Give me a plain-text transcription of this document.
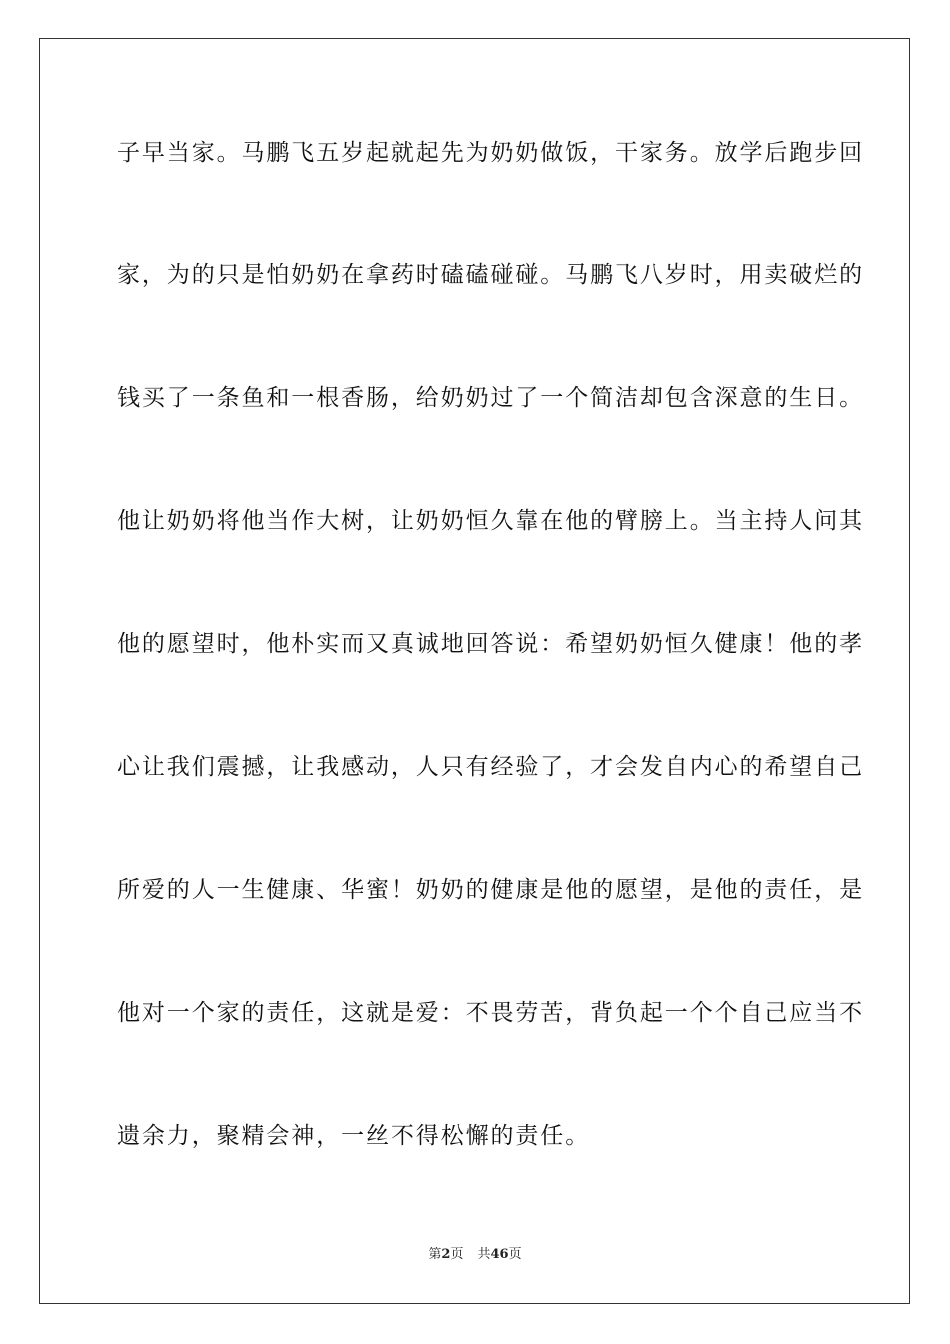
子早当家。马鹏飞五岁起就起先为奶奶做饭，干家务。放学后跑步回
家，为的只是怕奶奶在拿药时磕磕碰碰。马鹏飞八岁时，用卖破烂的
钱买了一条鱼和一根香肠，给奶奶过了一个简洁却包含深意的生日。
他让奶奶将他当作大树，让奶奶恒久靠在他的臂膀上。当主持人问其
他的愿望时，他朴实而又真诚地回答说：希望奶奶恒久健康！他的孝
心让我们震撼，让我感动，人只有经验了，才会发自内心的希望自己
所爱的人一生健康、华蜜！奶奶的健康是他的愿望，是他的责任，是
他对一个家的责任，这就是爱：不畏劳苦，背负起一个个自己应当不
遗余力，聚精会神，一丝不得松懈的责任。
第2页 共46页
